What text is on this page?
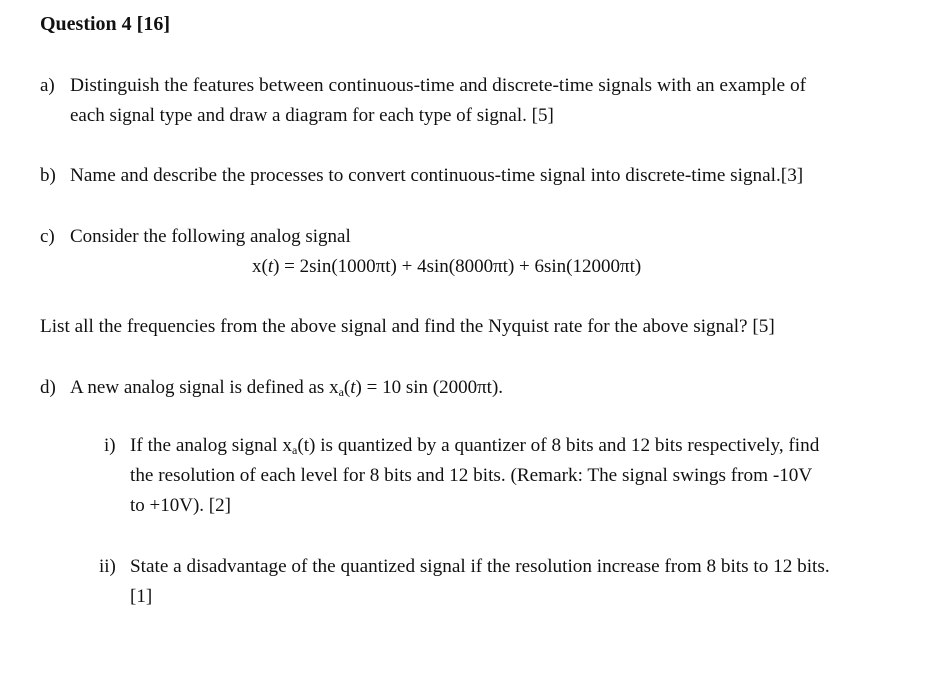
Question 4 [16]
a) Distinguish the features between continuous-time and discrete-time signals with an example of
each signal type and draw a diagram for each type of signal. [5]
b) Name and describe the processes to convert continuous-time signal into discrete-time signal.[3]
c) Consider the following analog signal
x(t) = 2sin(1000πt) + 4sin(8000πt) + 6sin(12000πt)
List all the frequencies from the above signal and find the Nyquist rate for the above signal? [5]
d) A new analog signal is defined as $x_a(t) = 10$ sin (2000πt).
i) If the analog signal $x_a(t)$ is quantized by a quantizer of 8 bits and 12 bits respectively, find
the resolution of each level for 8 bits and 12 bits. (Remark: The signal swings from -10V
to +10V). [2]
ii) State a disadvantage of the quantized signal if the resolution increase from 8 bits to 12 bits.
[1]
